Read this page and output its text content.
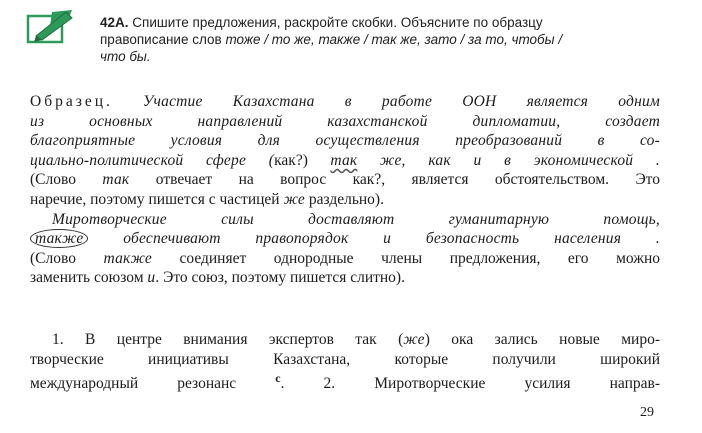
42A. Спишите предложения, раскройте скобки. Объясните по образцу
правописание слов тоже / то же, также / так же, зато / за то, чтобы /
что бы.
Образец. Участие Казахстана в работе ООН является одним
из основных направлений казахстанской дипломатии, создает
благоприятные условия для осуществления преобразований в со-
циально-политической сфере (как?) так же, как и в экономической .
(Слово так отвечает на вопрос как?, является обстоятельством. Это
наречие, поэтому пишется с частицей же раздельно).
Миротворческие силы доставляют гуманитарную помощь,
также обеспечивают правопорядок и безопасность населения .
(Слово также соединяет однородные члены предложения, его можно
заменить союзом и. Это союз, поэтому пишется слитно).
1. В центре внимания экспертов так (же) ока зались новые миро-
творческие инициативы Казахстана, которые получили широкий
международный резонанс $^с$. 2. Миротворческие усилия направ-
29
